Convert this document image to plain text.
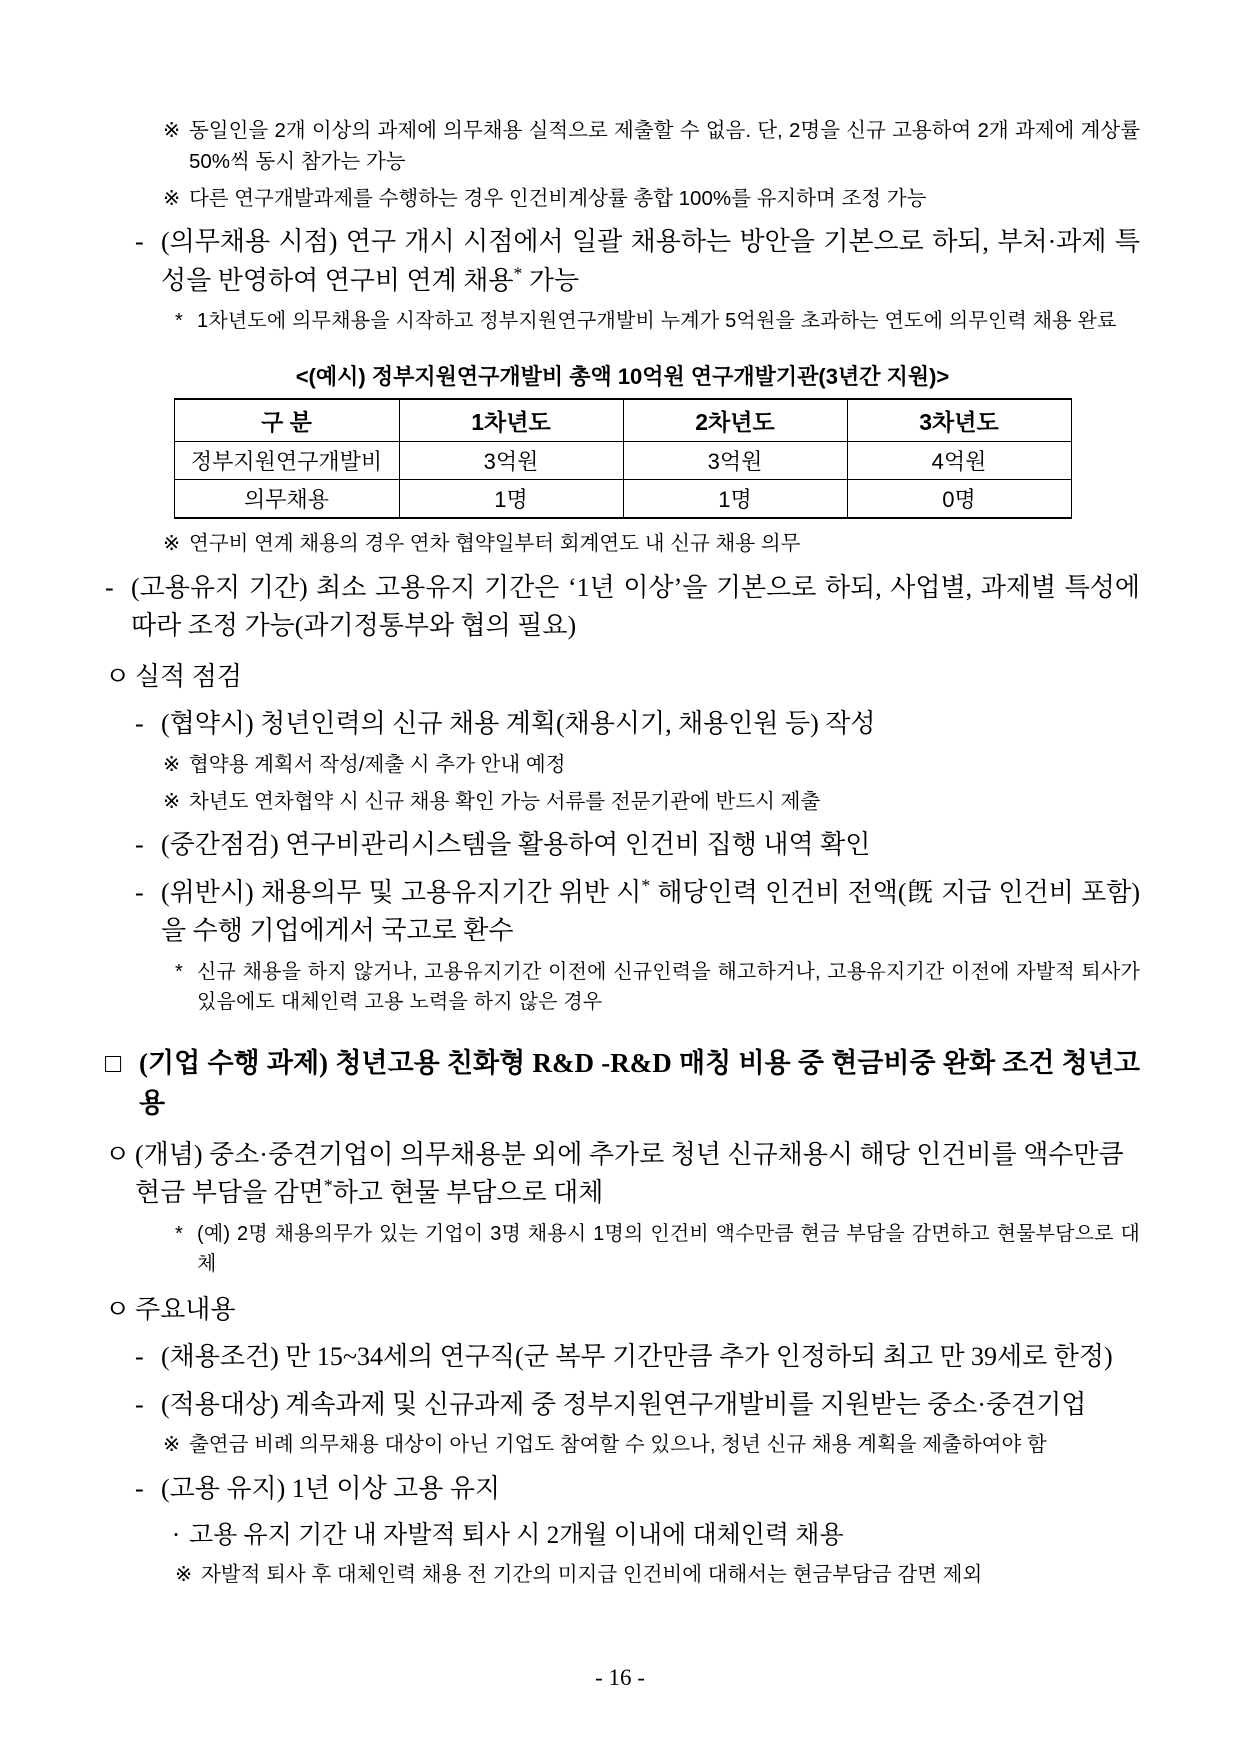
※ 동일인을 2개 이상의 과제에 의무채용 실적으로 제출할 수 없음. 단, 2명을 신규 고용하여 2개 과제에 계상률 50%씩 동시 참가는 가능
※ 다른 연구개발과제를 수행하는 경우 인건비계상률 총합 100%를 유지하며 조정 가능
- (의무채용 시점) 연구 개시 시점에서 일괄 채용하는 방안을 기본으로 하되, 부처·과제 특성을 반영하여 연구비 연계 채용* 가능
* 1차년도에 의무채용을 시작하고 정부지원연구개발비 누계가 5억원을 초과하는 연도에 의무인력 채용 완료
<(예시) 정부지원연구개발비 총액 10억원 연구개발기관(3년간 지원)>
구 분	1차년도	2차년도	3차년도
정부지원연구개발비	3억원	3억원	4억원
의무채용	1명	1명	0명
※ 연구비 연계 채용의 경우 연차 협약일부터 회계연도 내 신규 채용 의무
- (고용유지 기간) 최소 고용유지 기간은 ‘1년 이상’을 기본으로 하되, 사업별, 과제별 특성에 따라 조정 가능(과기정통부와 협의 필요)
ㅇ 실적 점검
- (협약시) 청년인력의 신규 채용 계획(채용시기, 채용인원 등) 작성
※ 협약용 계획서 작성/제출 시 추가 안내 예정
※ 차년도 연차협약 시 신규 채용 확인 가능 서류를 전문기관에 반드시 제출
- (중간점검) 연구비관리시스템을 활용하여 인건비 집행 내역 확인
- (위반시) 채용의무 및 고용유지기간 위반 시* 해당인력 인건비 전액(旣 지급 인건비 포함)을 수행 기업에게서 국고로 환수
* 신규 채용을 하지 않거나, 고용유지기간 이전에 신규인력을 해고하거나, 고용유지기간 이전에 자발적 퇴사가 있음에도 대체인력 고용 노력을 하지 않은 경우
□ (기업 수행 과제) 청년고용 친화형 R&D -R&D 매칭 비용 중 현금비중 완화 조건 청년고용
ㅇ (개념) 중소·중견기업이 의무채용분 외에 추가로 청년 신규채용시 해당 인건비를 액수만큼 현금 부담을 감면*하고 현물 부담으로 대체
* (예) 2명 채용의무가 있는 기업이 3명 채용시 1명의 인건비 액수만큼 현금 부담을 감면하고 현물부담으로 대체
ㅇ 주요내용
- (채용조건) 만 15~34세의 연구직(군 복무 기간만큼 추가 인정하되 최고 만 39세로 한정)
- (적용대상) 계속과제 및 신규과제 중 정부지원연구개발비를 지원받는 중소·중견기업
※ 출연금 비례 의무채용 대상이 아닌 기업도 참여할 수 있으나, 청년 신규 채용 계획을 제출하여야 함
- (고용 유지) 1년 이상 고용 유지
· 고용 유지 기간 내 자발적 퇴사 시 2개월 이내에 대체인력 채용
※ 자발적 퇴사 후 대체인력 채용 전 기간의 미지급 인건비에 대해서는 현금부담금 감면 제외
- 16 -
